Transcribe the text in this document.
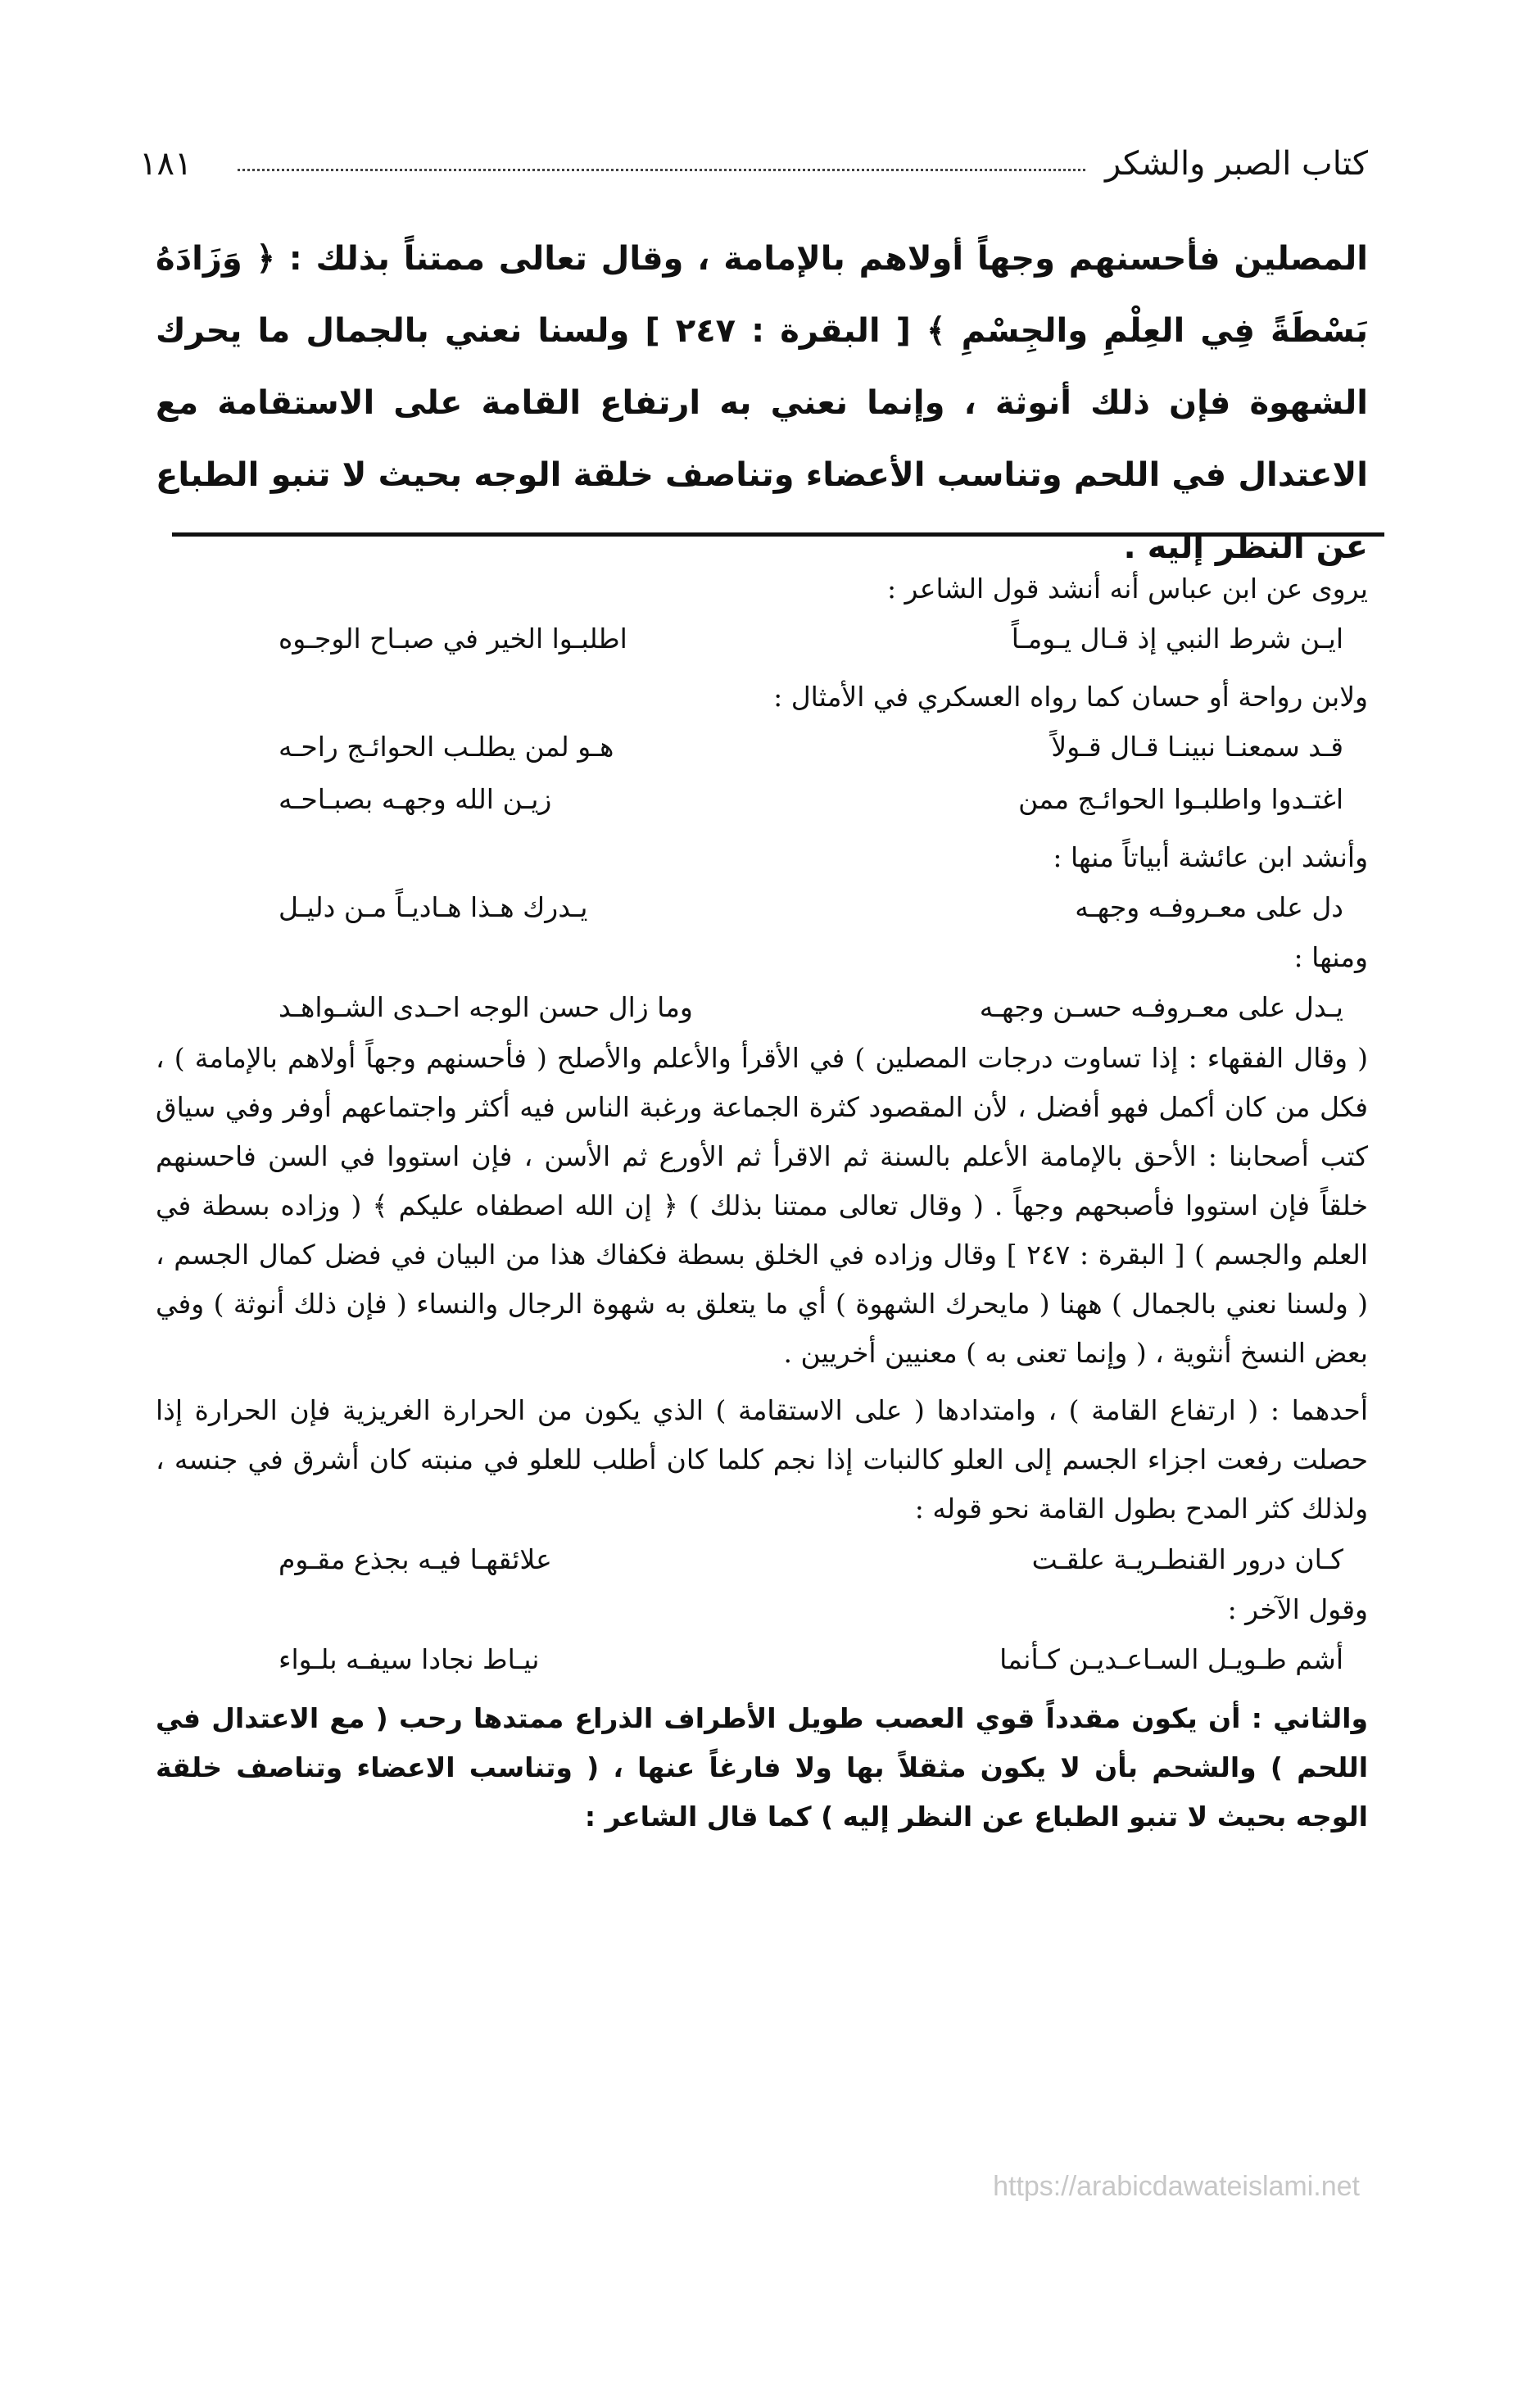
كتاب الصبر والشكر
١٨١

المصلين فأحسنهم وجهاً أولاهم بالإمامة ، وقال تعالى ممتناً بذلك : ﴿ وَزَادَهُ بَسْطَةً فِي العِلْمِ والجِسْمِ ﴾ [ البقرة : ٢٤٧ ] ولسنا نعني بالجمال ما يحرك الشهوة فإن ذلك أنوثة ، وإنما نعني به ارتفاع القامة على الاستقامة مع الاعتدال في اللحم وتناسب الأعضاء وتناصف خلقة الوجه بحيث لا تنبو الطباع عن النظر إليه .

يروى عن ابن عباس أنه أنشد قول الشاعر :

ايـن شرط النبي إذ قـال يـومـاً
اطلبـوا الخير في صبـاح الوجـوه

ولابن رواحة أو حسان كما رواه العسكري في الأمثال :

قـد سمعنـا نبينـا قـال قـولاً
هـو لمن يطلـب الحوائـج راحـه
اغتـدوا واطلبـوا الحوائـج ممن
زيـن الله وجهـه بصبـاحـه

وأنشد ابن عائشة أبياتاً منها :

دل على معـروفـه وجهـه
يـدرك هـذا هـاديـاً مـن دليـل

ومنها :

يـدل على معـروفـه حسـن وجهـه
وما زال حسن الوجه احـدى الشـواهـد

( وقال الفقهاء : إذا تساوت درجات المصلين ) في الأقرأ والأعلم والأصلح ( فأحسنهم وجهاً أولاهم بالإمامة ) ، فكل من كان أكمل فهو أفضل ، لأن المقصود كثرة الجماعة ورغبة الناس فيه أكثر واجتماعهم أوفر وفي سياق كتب أصحابنا : الأحق بالإمامة الأعلم بالسنة ثم الاقرأ ثم الأورع ثم الأسن ، فإن استووا في السن فاحسنهم خلقاً فإن استووا فأصبحهم وجهاً . ( وقال تعالى ممتنا بذلك ) ﴿ إن الله اصطفاه عليكم ﴾ ( وزاده بسطة في العلم والجسم ) [ البقرة : ٢٤٧ ] وقال وزاده في الخلق بسطة فكفاك هذا من البيان في فضل كمال الجسم ، ( ولسنا نعني بالجمال ) ههنا ( مايحرك الشهوة ) أي ما يتعلق به شهوة الرجال والنساء ( فإن ذلك أنوثة ) وفي بعض النسخ أنثوية ، ( وإنما تعنى به ) معنيين أخريين .

أحدهما : ( ارتفاع القامة ) ، وامتدادها ( على الاستقامة ) الذي يكون من الحرارة الغريزية فإن الحرارة إذا حصلت رفعت اجزاء الجسم إلى العلو كالنبات إذا نجم كلما كان أطلب للعلو في منبته كان أشرق في جنسه ، ولذلك كثر المدح بطول القامة نحو قوله :

كـان درور القنطـريـة علقـت
علائقهـا فيـه بجذع مقـوم

وقول الآخر :

أشم طـويـل السـاعـديـن كـأنما
نيـاط نجادا سيفـه بلـواء

والثاني : أن يكون مقدداً قوي العصب طويل الأطراف الذراع ممتدها رحب ( مع الاعتدال في اللحم ) والشحم بأن لا يكون مثقلاً بها ولا فارغاً عنها ، ( وتناسب الاعضاء وتناصف خلقة الوجه بحيث لا تنبو الطباع عن النظر إليه ) كما قال الشاعر :

https://arabicdawateislami.net
